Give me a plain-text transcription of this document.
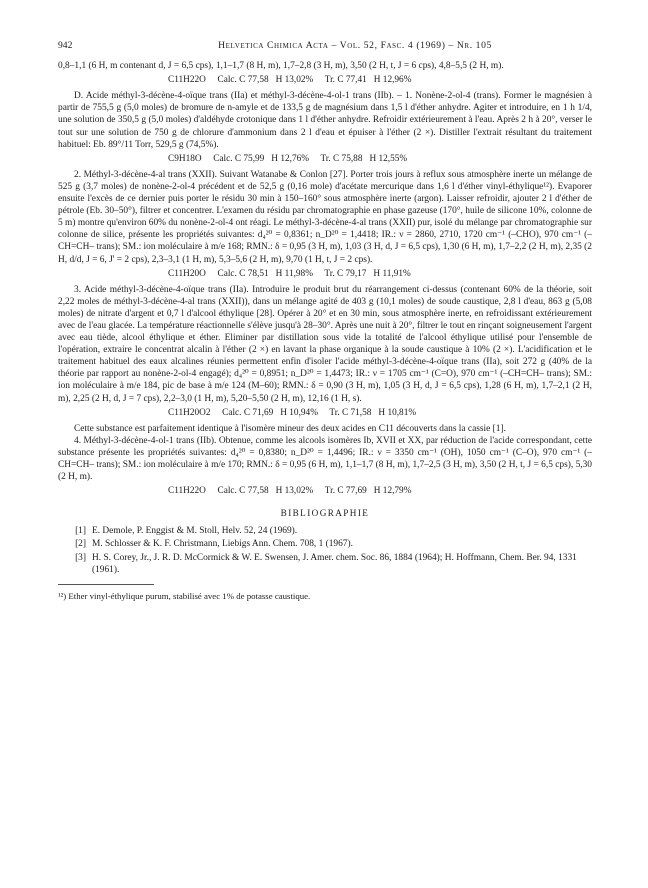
942	Helvetica Chimica Acta – Vol. 52, Fasc. 4 (1969) – Nr. 105

0,8–1,1 (6 H, m contenant d, J = 6,5 cps), 1,1–1,7 (8 H, m), 1,7–2,8 (3 H, m), 3,50 (2 H, t, J = 6 cps), 4,8–5,5 (2 H, m).

C11H22O     Calc. C 77,58   H 13,02%     Tr. C 77,41   H 12,96%

D. Acide méthyl-3-décène-4-oïque trans (IIa) et méthyl-3-décène-4-ol-1 trans (IIb). – 1. Nonène-2-ol-4 (trans). Former le magnésien à partir de 755,5 g (5,0 moles) de bromure de n-amyle et de 133,5 g de magnésium dans 1,5 l d'éther anhydre. Agiter et introduire, en 1 h 1/4, une solution de 350,5 g (5,0 moles) d'aldéhyde crotonique dans 1 l d'éther anhydre. Refroidir extérieurement à l'eau. Après 2 h à 20°, verser le tout sur une solution de 750 g de chlorure d'ammonium dans 2 l d'eau et épuiser à l'éther (2 ×). Distiller l'extrait résultant du traitement habituel: Eb. 89°/11 Torr, 529,5 g (74,5%).

C9H18O     Calc. C 75,99   H 12,76%     Tr. C 75,88   H 12,55%

2. Méthyl-3-décène-4-al trans (XXII). Suivant Watanabe & Conlon [27]. Porter trois jours à reflux sous atmosphère inerte un mélange de 525 g (3,7 moles) de nonène-2-ol-4 précédent et de 52,5 g (0,16 mole) d'acétate mercurique dans 1,6 l d'éther vinyl-éthylique¹²). Evaporer ensuite l'excès de ce dernier puis porter le résidu 30 min à 150–160° sous atmosphère inerte (argon). Laisser refroidir, ajouter 2 l d'éther de pétrole (Eb. 30–50°), filtrer et concentrer. L'examen du résidu par chromatographie en phase gazeuse (170°, huile de silicone 10%, colonne de 5 m) montre qu'environ 60% du nonène-2-ol-4 ont réagi. Le méthyl-3-décène-4-al trans (XXII) pur, isolé du mélange par chromatographie sur colonne de silice, présente les propriétés suivantes: d₄²⁰ = 0,8361; n_D²⁰ = 1,4418; IR.: ν = 2860, 2710, 1720 cm⁻¹ (–CHO), 970 cm⁻¹ (–CH=CH– trans); SM.: ion moléculaire à m/e 168; RMN.: δ = 0,95 (3 H, m), 1,03 (3 H, d, J = 6,5 cps), 1,30 (6 H, m), 1,7–2,2 (2 H, m), 2,35 (2 H, d/d, J = 6, J' = 2 cps), 2,3–3,1 (1 H, m), 5,3–5,6 (2 H, m), 9,70 (1 H, t, J = 2 cps).

C11H20O     Calc. C 78,51   H 11,98%     Tr. C 79,17   H 11,91%

3. Acide méthyl-3-décène-4-oïque trans (IIa). Introduire le produit brut du réarrangement ci-dessus (contenant 60% de la théorie, soit 2,22 moles de méthyl-3-décène-4-al trans (XXII)), dans un mélange agité de 403 g (10,1 moles) de soude caustique, 2,8 l d'eau, 863 g (5,08 moles) de nitrate d'argent et 0,7 l d'alcool éthylique [28]. Opérer à 20° et en 30 min, sous atmosphère inerte, en refroidissant extérieurement avec de l'eau glacée. La température réactionnelle s'élève jusqu'à 28–30°. Après une nuit à 20°, filtrer le tout en rinçant soigneusement l'argent avec eau tiède, alcool éthylique et éther. Eliminer par distillation sous vide la totalité de l'alcool éthylique utilisé pour l'ensemble de l'opération, extraire le concentrat alcalin à l'éther (2 ×) en lavant la phase organique à la soude caustique à 10% (2 ×). L'acidification et le traitement habituel des eaux alcalines réunies permettent enfin d'isoler l'acide méthyl-3-décène-4-oïque trans (IIa), soit 272 g (40% de la théorie par rapport au nonène-2-ol-4 engagé); d₄²⁰ = 0,8951; n_D²⁰ = 1,4473; IR.: ν = 1705 cm⁻¹ (C=O), 970 cm⁻¹ (–CH=CH– trans); SM.: ion moléculaire à m/e 184, pic de base à m/e 124 (M–60); RMN.: δ = 0,90 (3 H, m), 1,05 (3 H, d, J = 6,5 cps), 1,28 (6 H, m), 1,7–2,1 (2 H, m), 2,25 (2 H, d, J = 7 cps), 2,2–3,0 (1 H, m), 5,20–5,50 (2 H, m), 12,16 (1 H, s).

C11H20O2     Calc. C 71,69   H 10,94%     Tr. C 71,58   H 10,81%

Cette substance est parfaitement identique à l'isomère mineur des deux acides en C11 découverts dans la cassie [1].

4. Méthyl-3-décène-4-ol-1 trans (IIb). Obtenue, comme les alcools isomères Ib, XVII et XX, par réduction de l'acide correspondant, cette substance présente les propriétés suivantes: d₄²⁰ = 0,8380; n_D²⁰ = 1,4496; IR.: ν = 3350 cm⁻¹ (OH), 1050 cm⁻¹ (C–O), 970 cm⁻¹ (–CH=CH– trans); SM.: ion moléculaire à m/e 170; RMN.: δ = 0,95 (6 H, m), 1,1–1,7 (8 H, m), 1,7–2,5 (3 H, m), 3,50 (2 H, t, J = 6,5 cps), 5,30 (2 H, m).

C11H22O     Calc. C 77,58   H 13,02%     Tr. C 77,69   H 12,79%

BIBLIOGRAPHIE
[1] E. Demole, P. Enggist & M. Stoll, Helv. 52, 24 (1969).
[2] M. Schlosser & K. F. Christmann, Liebigs Ann. Chem. 708, 1 (1967).
[3] H. S. Corey, Jr., J. R. D. McCormick & W. E. Swensen, J. Amer. chem. Soc. 86, 1884 (1964); H. Hoffmann, Chem. Ber. 94, 1331 (1961).

¹²) Ether vinyl-éthylique purum, stabilisé avec 1% de potasse caustique.
